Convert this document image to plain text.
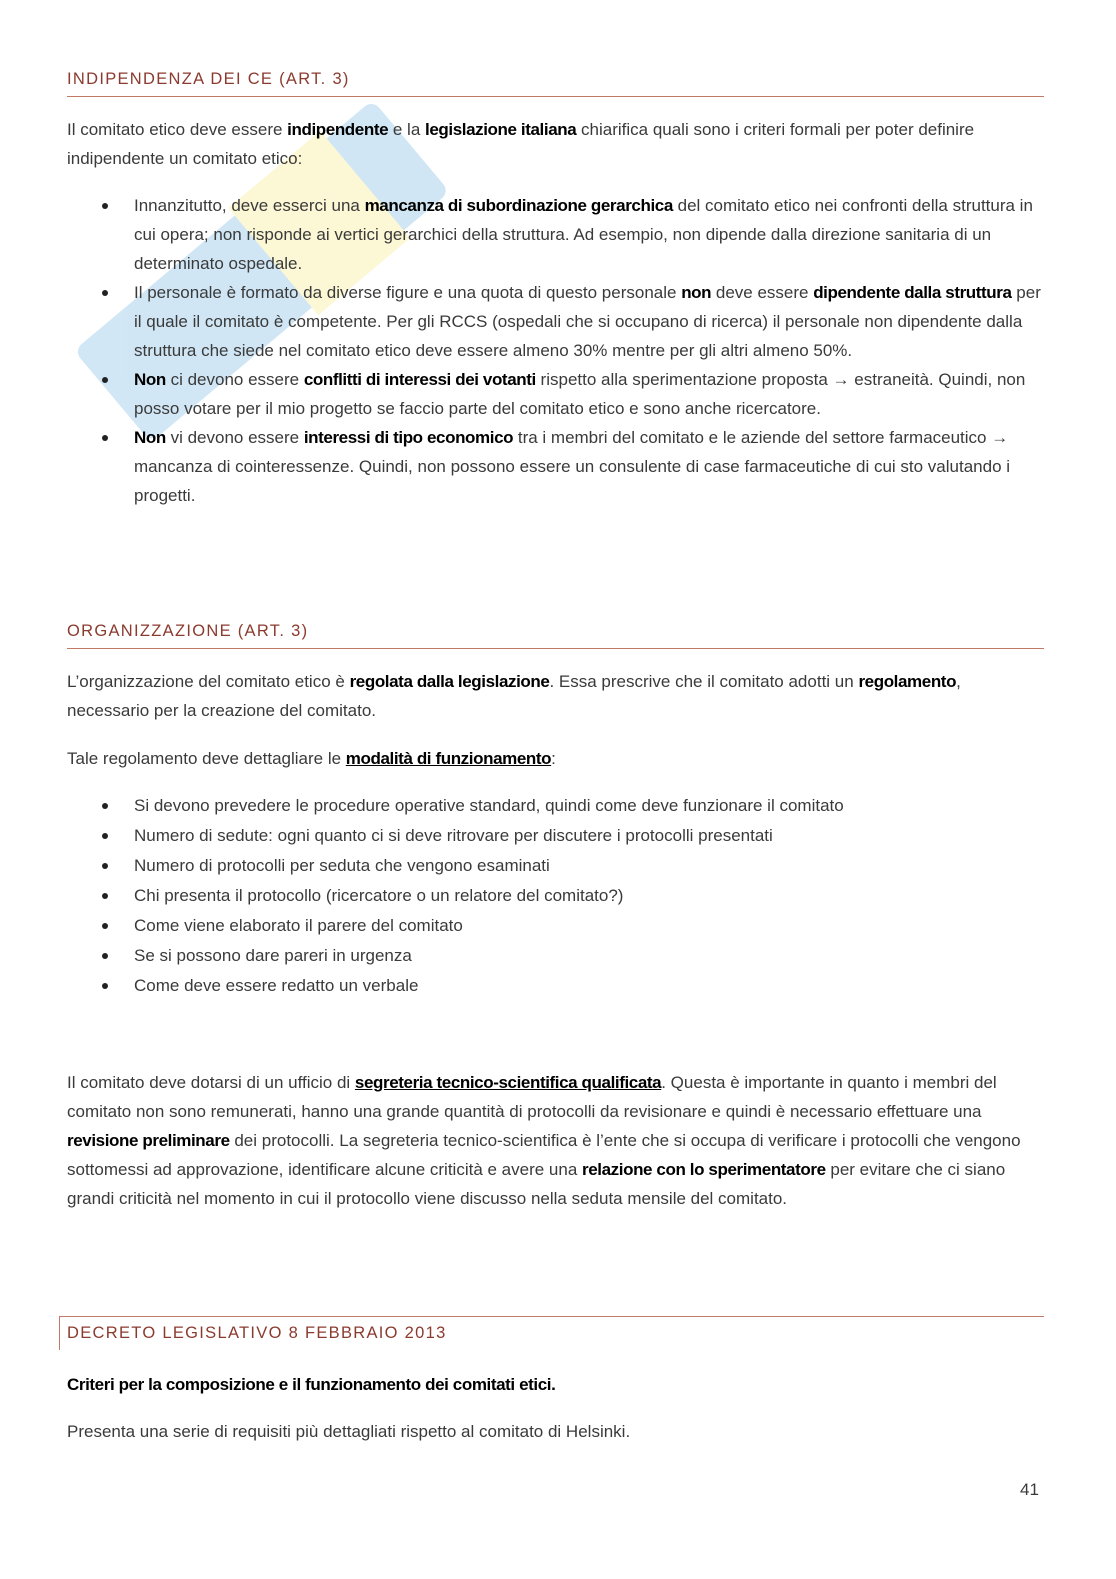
INDIPENDENZA DEI CE (ART. 3)

Il comitato etico deve essere indipendente e la legislazione italiana chiarifica quali sono i criteri formali per poter definire indipendente un comitato etico:

Innanzitutto, deve esserci una mancanza di subordinazione gerarchica del comitato etico nei confronti della struttura in cui opera; non risponde ai vertici gerarchici della struttura. Ad esempio, non dipende dalla direzione sanitaria di un determinato ospedale.
Il personale è formato da diverse figure e una quota di questo personale non deve essere dipendente dalla struttura per il quale il comitato è competente. Per gli RCCS (ospedali che si occupano di ricerca) il personale non dipendente dalla struttura che siede nel comitato etico deve essere almeno 30% mentre per gli altri almeno 50%.
Non ci devono essere conflitti di interessi dei votanti rispetto alla sperimentazione proposta → estraneità. Quindi, non posso votare per il mio progetto se faccio parte del comitato etico e sono anche ricercatore.
Non vi devono essere interessi di tipo economico tra i membri del comitato e le aziende del settore farmaceutico → mancanza di cointeressenze. Quindi, non possono essere un consulente di case farmaceutiche di cui sto valutando i progetti.
ORGANIZZAZIONE (ART. 3)

L’organizzazione del comitato etico è regolata dalla legislazione. Essa prescrive che il comitato adotti un regolamento, necessario per la creazione del comitato.

Tale regolamento deve dettagliare le modalità di funzionamento:

Si devono prevedere le procedure operative standard, quindi come deve funzionare il comitato
Numero di sedute: ogni quanto ci si deve ritrovare per discutere i protocolli presentati
Numero di protocolli per seduta che vengono esaminati
Chi presenta il protocollo (ricercatore o un relatore del comitato?)
Come viene elaborato il parere del comitato
Se si possono dare pareri in urgenza
Come deve essere redatto un verbale

Il comitato deve dotarsi di un ufficio di segreteria tecnico-scientifica qualificata. Questa è importante in quanto i membri del comitato non sono remunerati, hanno una grande quantità di protocolli da revisionare e quindi è necessario effettuare una revisione preliminare dei protocolli. La segreteria tecnico-scientifica è l’ente che si occupa di verificare i protocolli che vengono sottomessi ad approvazione, identificare alcune criticità e avere una relazione con lo sperimentatore per evitare che ci siano grandi criticità nel momento in cui il protocollo viene discusso nella seduta mensile del comitato.

DECRETO LEGISLATIVO 8 FEBBRAIO 2013

Criteri per la composizione e il funzionamento dei comitati etici.

Presenta una serie di requisiti più dettagliati rispetto al comitato di Helsinki.

41
